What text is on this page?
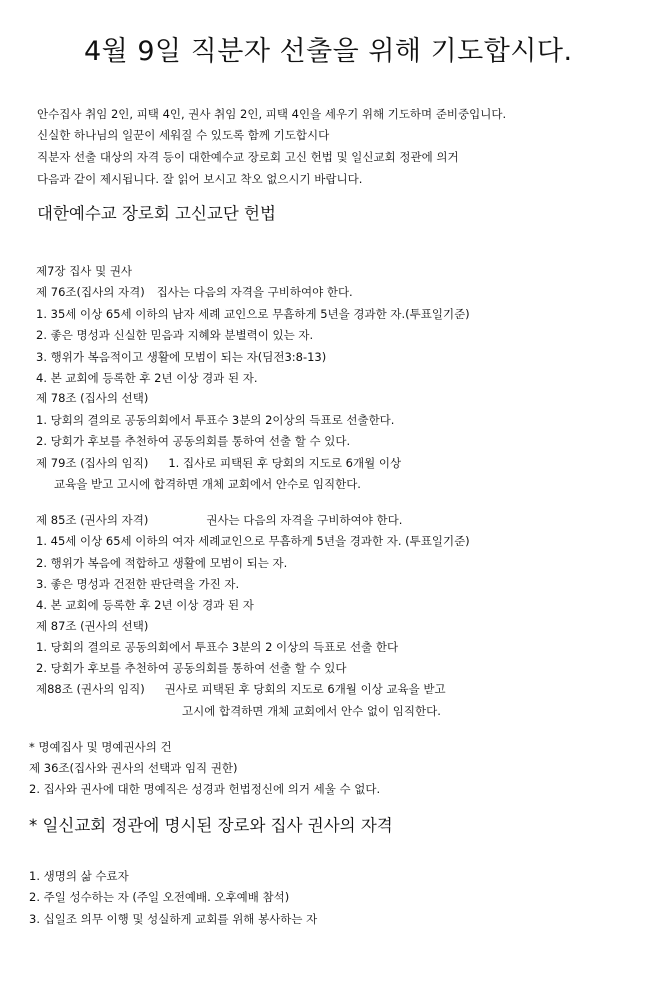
4월 9일 직분자 선출을 위해 기도합시다.
안수집사 취임 2인, 피택 4인, 권사 취임 2인, 피택 4인을 세우기 위해 기도하며 준비중입니다.
신실한 하나님의 일꾼이 세워질 수 있도록 함께 기도합시다
직분자 선출 대상의 자격 등이 대한예수교 장로회 고신 헌법 및 일신교회 정관에 의거
다음과 같이 제시됩니다. 잘 읽어 보시고 착오 없으시기 바랍니다.
대한예수교 장로회 고신교단 헌법
제7장 집사 및 권사
제 76조(집사의 자격) 집사는 다음의 자격을 구비하여야 한다.
1. 35세 이상 65세 이하의 남자 세례 교인으로 무흠하게 5년을 경과한 자.(투표일기준)
2. 좋은 명성과 신실한 믿음과 지혜와 분별력이 있는 자.
3. 행위가 복음적이고 생활에 모범이 되는 자(딤전3:8-13)
4. 본 교회에 등록한 후 2년 이상 경과 된 자.
제 78조 (집사의 선택)
1. 당회의 결의로 공동의회에서 투표수 3분의 2이상의 득표로 선출한다.
2. 당회가 후보를 추천하여 공동의회를 통하여 선출 할 수 있다.
제 79조 (집사의 임직) 1. 집사로 피택된 후 당회의 지도로 6개월 이상
교육을 받고 고시에 합격하면 개체 교회에서 안수로 임직한다.
제 85조 (권사의 자격)	권사는 다음의 자격을 구비하여야 한다.
1. 45세 이상 65세 이하의 여자 세례교인으로 무흠하게 5년을 경과한 자. (투표일기준)
2. 행위가 복음에 적합하고 생활에 모범이 되는 자.
3. 좋은 명성과 건전한 판단력을 가진 자.
4. 본 교회에 등록한 후 2년 이상 경과 된 자
제 87조 (권사의 선택)
1. 당회의 결의로 공동의회에서 투표수 3분의 2 이상의 득표로 선출 한다
2. 당회가 후보를 추천하여 공동의회를 통하여 선출 할 수 있다
제88조 (권사의 임직) 권사로 피택된 후 당회의 지도로 6개월 이상 교육을 받고
고시에 합격하면 개체 교회에서 안수 없이 임직한다.
* 명예집사 및 명예권사의 건
제 36조(집사와 권사의 선택과 임직 권한)
2. 집사와 권사에 대한 명예직은 성경과 헌법정신에 의거 세울 수 없다.
* 일신교회 정관에 명시된 장로와 집사 권사의 자격
1. 생명의 삶 수료자
2. 주일 성수하는 자 (주일 오전예배. 오후예배 참석)
3. 십일조 의무 이행 및 성실하게 교회를 위해 봉사하는 자
